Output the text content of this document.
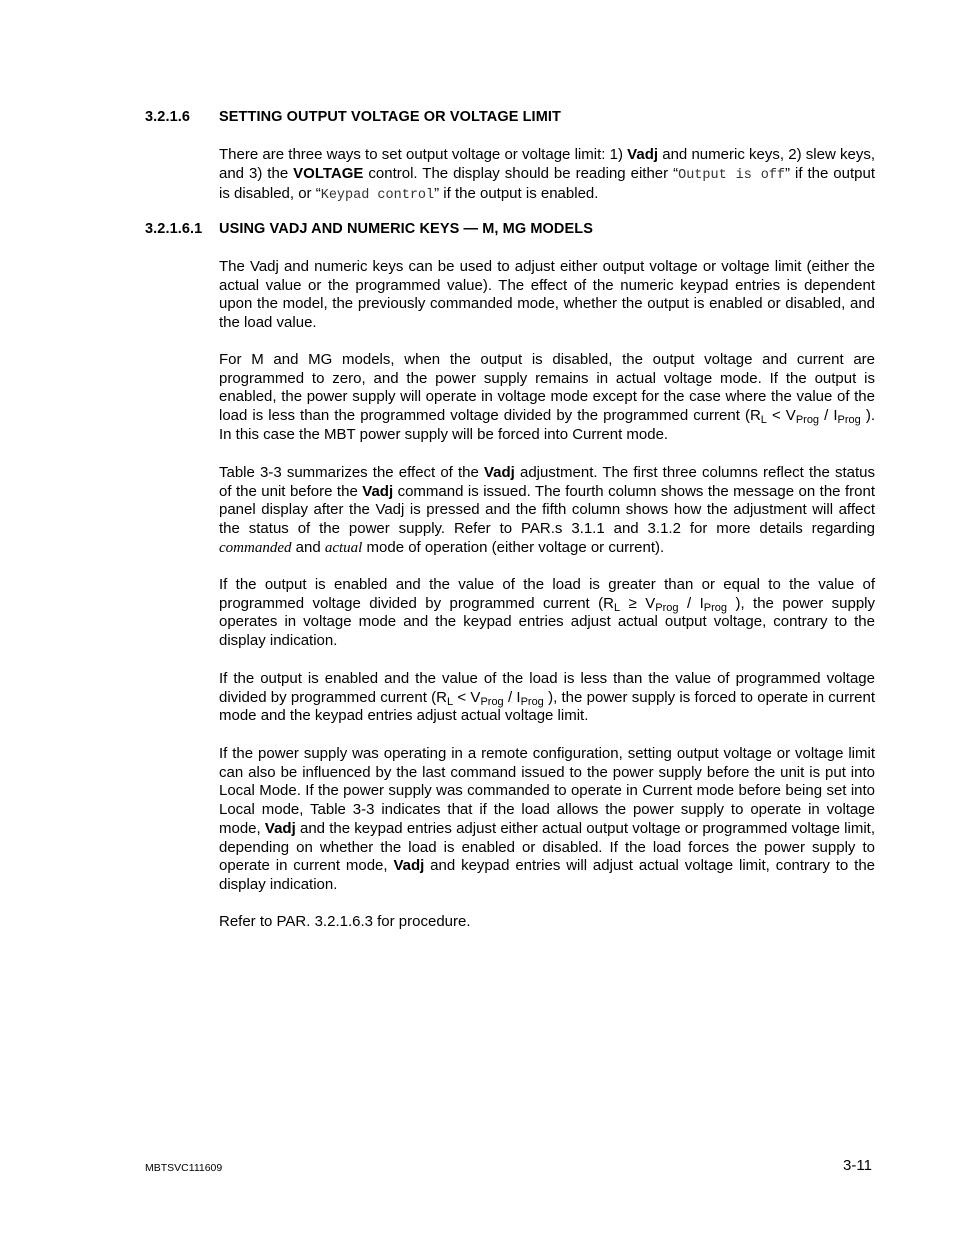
3.2.1.6 SETTING OUTPUT VOLTAGE OR VOLTAGE LIMIT

There are three ways to set output voltage or voltage limit: 1) Vadj and numeric keys, 2) slew keys, and 3) the VOLTAGE control. The display should be reading either “Output is off” if the output is disabled, or “Keypad control” if the output is enabled.

3.2.1.6.1 USING VADJ AND NUMERIC KEYS — M, MG MODELS

The Vadj and numeric keys can be used to adjust either output voltage or voltage limit (either the actual value or the programmed value). The effect of the numeric keypad entries is dependent upon the model, the previously commanded mode, whether the output is enabled or disabled, and the load value.

For M and MG models, when the output is disabled, the output voltage and current are programmed to zero, and the power supply remains in actual voltage mode. If the output is enabled, the power supply will operate in voltage mode except for the case where the value of the load is less than the programmed voltage divided by the programmed current ($R_L < V_{Prog} / I_{Prog}$ ). In this case the MBT power supply will be forced into Current mode.

Table 3-3 summarizes the effect of the Vadj adjustment. The first three columns reflect the status of the unit before the Vadj command is issued. The fourth column shows the message on the front panel display after the Vadj is pressed and the fifth column shows how the adjustment will affect the status of the power supply. Refer to PAR.s 3.1.1 and 3.1.2 for more details regarding commanded and actual mode of operation (either voltage or current).

If the output is enabled and the value of the load is greater than or equal to the value of programmed voltage divided by programmed current ($R_L \ge V_{Prog} / I_{Prog}$ ), the power supply operates in voltage mode and the keypad entries adjust actual output voltage, contrary to the display indication.

If the output is enabled and the value of the load is less than the value of programmed voltage divided by programmed current ($R_L < V_{Prog} / I_{Prog}$ ), the power supply is forced to operate in current mode and the keypad entries adjust actual voltage limit.

If the power supply was operating in a remote configuration, setting output voltage or voltage limit can also be influenced by the last command issued to the power supply before the unit is put into Local Mode. If the power supply was commanded to operate in Current mode before being set into Local mode, Table 3-3 indicates that if the load allows the power supply to operate in voltage mode, Vadj and the keypad entries adjust either actual output voltage or programmed voltage limit, depending on whether the load is enabled or disabled. If the load forces the power supply to operate in current mode, Vadj and keypad entries will adjust actual voltage limit, contrary to the display indication.

Refer to PAR. 3.2.1.6.3 for procedure.

MBTSVC111609	3-11
